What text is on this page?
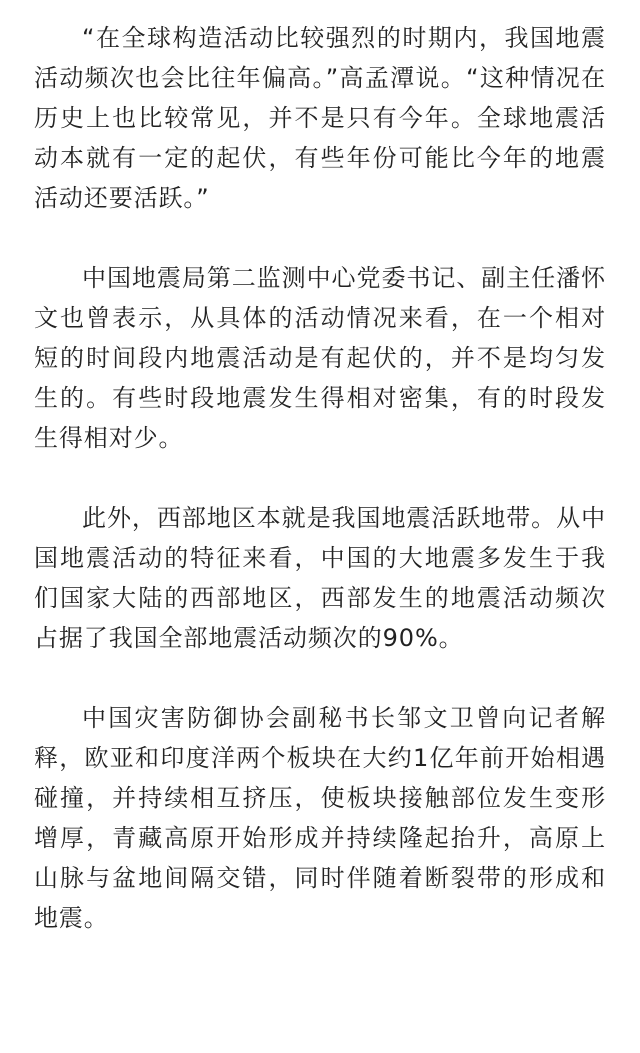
“在全球构造活动比较强烈的时期内，我国地震活动频次也会比往年偏高。”高孟潭说。“这种情况在历史上也比较常见，并不是只有今年。全球地震活动本就有一定的起伏，有些年份可能比今年的地震活动还要活跃。”

中国地震局第二监测中心党委书记、副主任潘怀文也曾表示，从具体的活动情况来看，在一个相对短的时间段内地震活动是有起伏的，并不是均匀发生的。有些时段地震发生得相对密集，有的时段发生得相对少。

此外，西部地区本就是我国地震活跃地带。从中国地震活动的特征来看，中国的大地震多发生于我们国家大陆的西部地区，西部发生的地震活动频次占据了我国全部地震活动频次的90%。

中国灾害防御协会副秘书长邹文卫曾向记者解释，欧亚和印度洋两个板块在大约1亿年前开始相遇碰撞，并持续相互挤压，使板块接触部位发生变形增厚，青藏高原开始形成并持续隆起抬升，高原上山脉与盆地间隔交错，同时伴随着断裂带的形成和地震。
